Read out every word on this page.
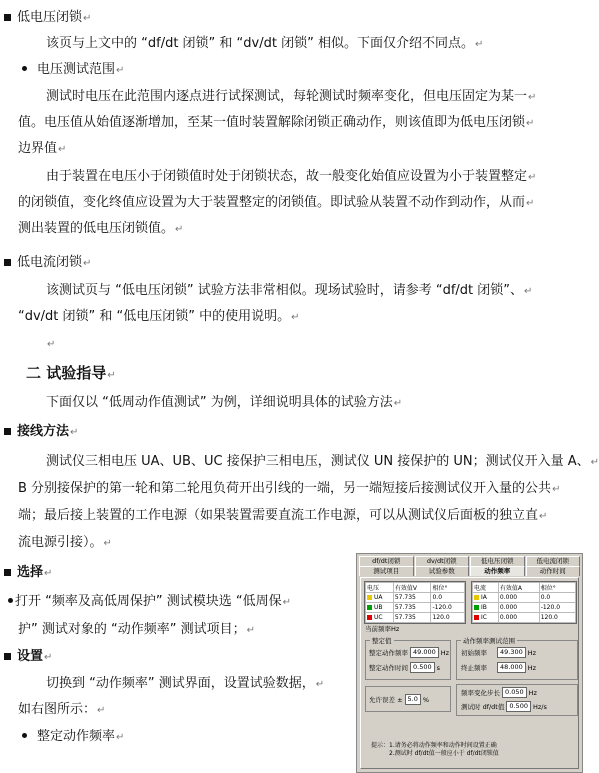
低电压闭锁↵
该页与上文中的 “df/dt 闭锁” 和 “dv/dt 闭锁” 相似。下面仅介绍不同点。↵
电压测试范围↵
测试时电压在此范围内逐点进行试探测试，每轮测试时频率变化，但电压固定为某一↵
值。电压值从始值逐渐增加，至某一值时装置解除闭锁正确动作，则该值即为低电压闭锁↵
边界值↵
由于装置在电压小于闭锁值时处于闭锁状态，故一般变化始值应设置为小于装置整定↵
的闭锁值，变化终值应设置为大于装置整定的闭锁值。即试验从装置不动作到动作，从而↵
测出装置的低电压闭锁值。↵
低电流闭锁↵
该测试页与 “低电压闭锁” 试验方法非常相似。现场试验时，请参考 “df/dt 闭锁”、↵
“dv/dt 闭锁” 和 “低电压闭锁” 中的使用说明。↵
↵
二 试验指导↵
下面仅以 “低周动作值测试” 为例，详细说明具体的试验方法↵
接线方法↵
测试仪三相电压 UA、UB、UC 接保护三相电压，测试仪 UN 接保护的 UN；测试仪开入量 A、↵
B 分别接保护的第一轮和第二轮甩负荷开出引线的一端，另一端短接后接测试仪开入量的公共↵
端；最后接上装置的工作电源（如果装置需要直流工作电源，可以从测试仪后面板的独立直↵
流电源引接）。↵
选择↵
打开 “频率及高低周保护” 测试模块选 “低周保↵
护” 测试对象的 “动作频率” 测试项目；↵
设置↵
切换到 “动作频率” 测试界面，设置试验数据，↵
如右图所示：↵
整定动作频率↵
df/dt闭锁	dv/dt闭锁	低电压闭锁	低电流闭锁
测试项目	试验参数	动作频率	动作时间
电压	有效值V	相位°
UA	57.735	0.0
UB	57.735	-120.0
UC	57.735	120.0
电流	有效值A	相位°
IA	0.000	0.0
IB	0.000	-120.0
IC	0.000	120.0
当前频率Hz
整定值
整定动作频率 49.000 Hz
整定动作时间 0.500 s
动作频率测试范围
初始频率	49.300 Hz
终止频率	48.000 Hz
允许误差 ± 5.0 %
频率变化步长 0.050 Hz
测试时 df/dt值 0.500 Hz/s
提示：1.请务必将动作频率和动作时间设置正确
　　　2.测试时 df/dt值一般应小于 df/dt闭锁值
